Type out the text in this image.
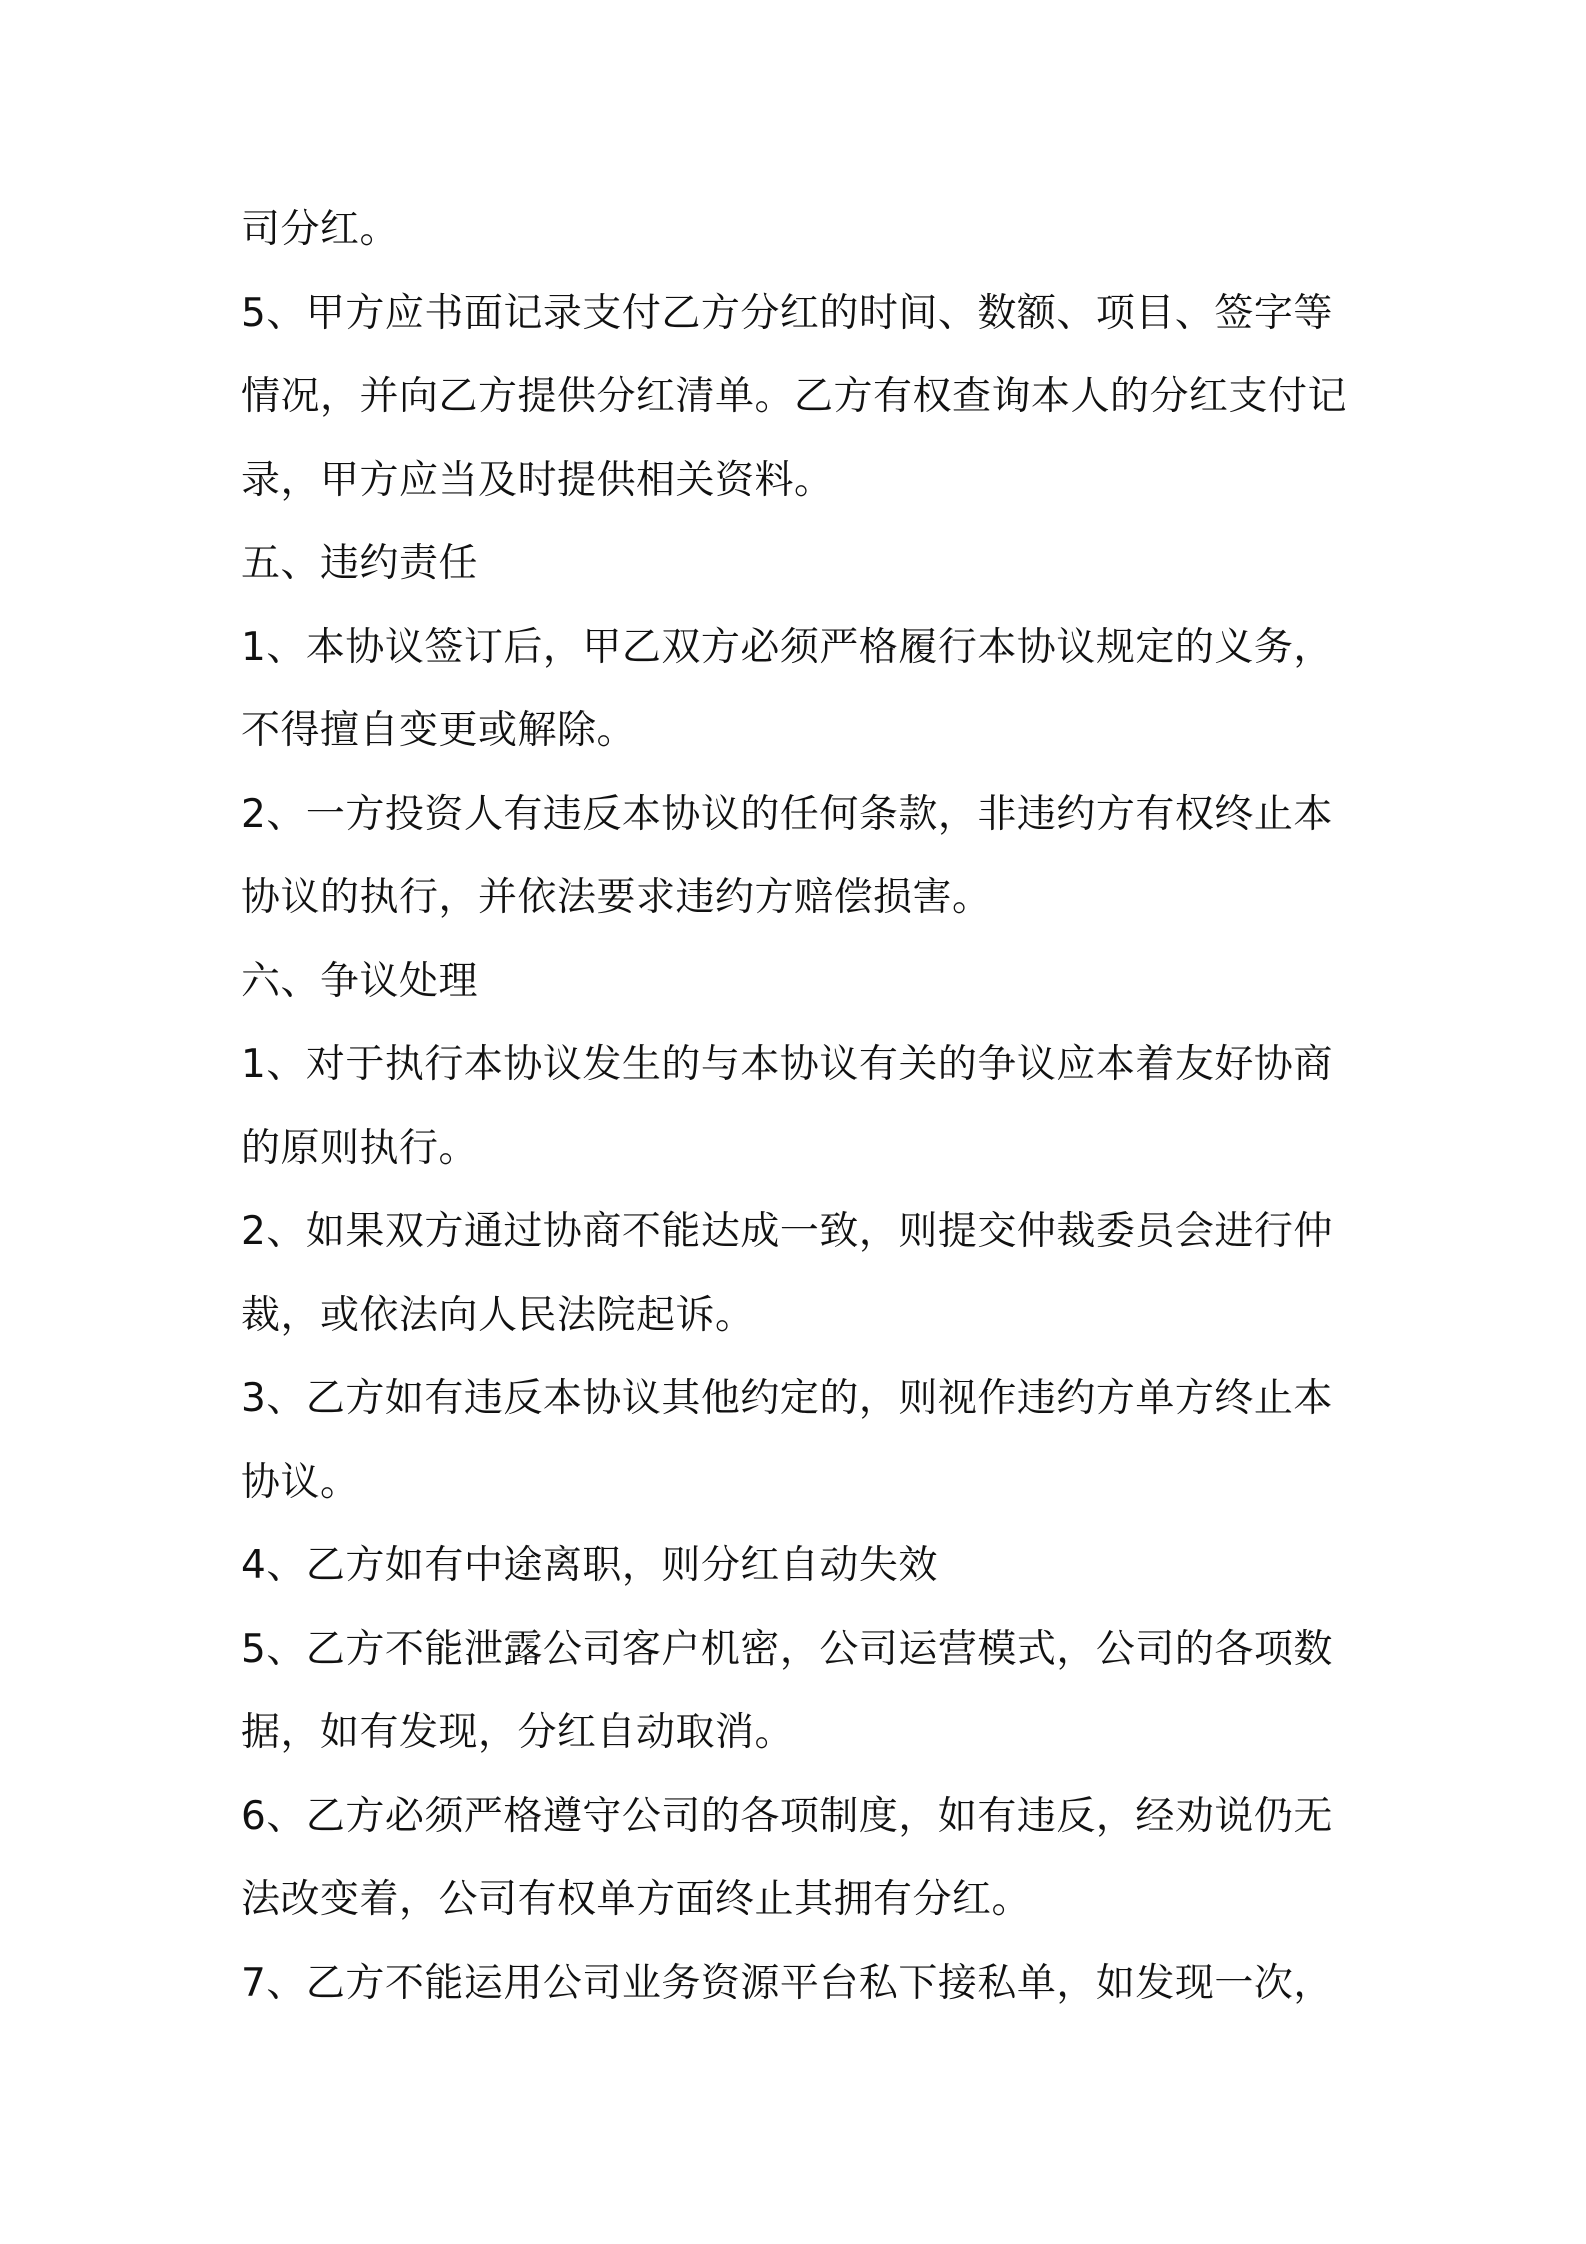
司分红。
5、甲方应书面记录支付乙方分红的时间、数额、项目、签字等
情况，并向乙方提供分红清单。乙方有权查询本人的分红支付记
录，甲方应当及时提供相关资料。
五、违约责任
1、本协议签订后，甲乙双方必须严格履行本协议规定的义务，
不得擅自变更或解除。
2、一方投资人有违反本协议的任何条款，非违约方有权终止本
协议的执行，并依法要求违约方赔偿损害。
六、争议处理
1、对于执行本协议发生的与本协议有关的争议应本着友好协商
的原则执行。
2、如果双方通过协商不能达成一致，则提交仲裁委员会进行仲
裁，或依法向人民法院起诉。
3、乙方如有违反本协议其他约定的，则视作违约方单方终止本
协议。
4、乙方如有中途离职，则分红自动失效
5、乙方不能泄露公司客户机密，公司运营模式，公司的各项数
据，如有发现，分红自动取消。
6、乙方必须严格遵守公司的各项制度，如有违反，经劝说仍无
法改变着，公司有权单方面终止其拥有分红。
7、乙方不能运用公司业务资源平台私下接私单，如发现一次，
